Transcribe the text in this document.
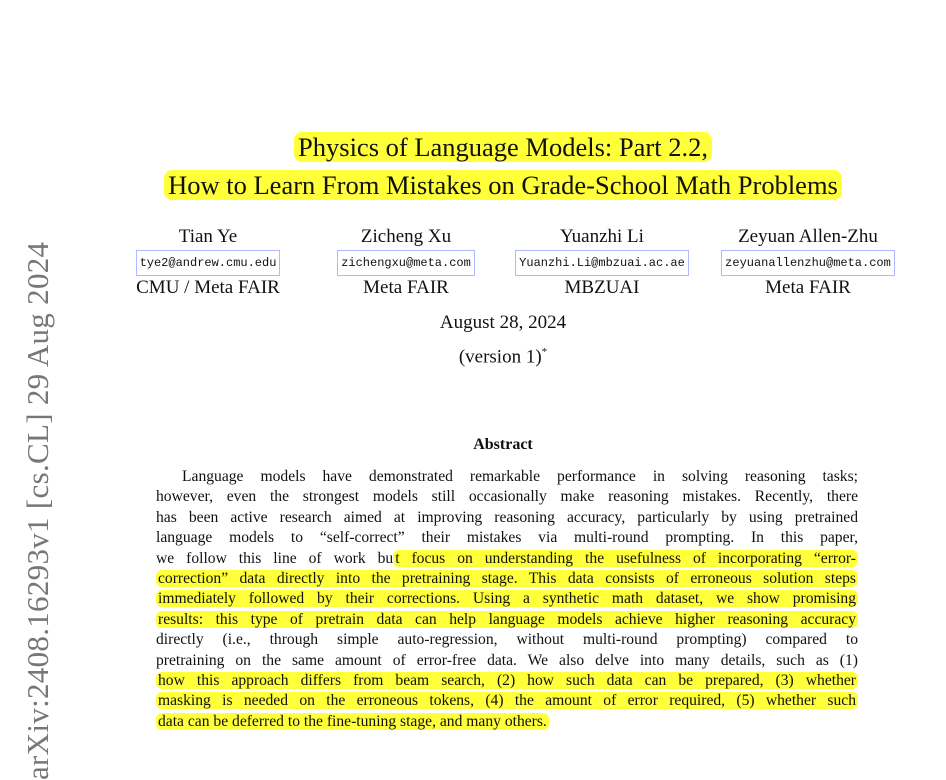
arXiv:2408.16293v1 [cs.CL] 29 Aug 2024
Physics of Language Models: Part 2.2,
How to Learn From Mistakes on Grade-School Math Problems
Tian Ye
tye2@andrew.cmu.edu
CMU / Meta FAIR
Zicheng Xu
zichengxu@meta.com
Meta FAIR
Yuanzhi Li
Yuanzhi.Li@mbzuai.ac.ae
MBZUAI
Zeyuan Allen-Zhu
zeyuanallenzhu@meta.com
Meta FAIR
August 28, 2024
(version 1)*
Abstract
Language models have demonstrated remarkable performance in solving reasoning tasks;
however, even the strongest models still occasionally make reasoning mistakes. Recently, there
has been active research aimed at improving reasoning accuracy, particularly by using pretrained
language models to “self-correct” their mistakes via multi-round prompting. In this paper,
we follow this line of work bu t focus on understanding the usefulness of incorporating “error-
correction” data directly into the pretraining stage. This data consists of erroneous solution steps
immediately followed by their corrections. Using a synthetic math dataset, we show promising
results: this type of pretrain data can help language models achieve higher reasoning accuracy
directly (i.e., through simple auto-regression, without multi-round prompting) compared to
pretraining on the same amount of error-free data. We also delve into many details, such as (1)
how this approach differs from beam search, (2) how such data can be prepared, (3) whether
masking is needed on the erroneous tokens, (4) the amount of error required, (5) whether such
data can be deferred to the fine-tuning stage, and many others.
